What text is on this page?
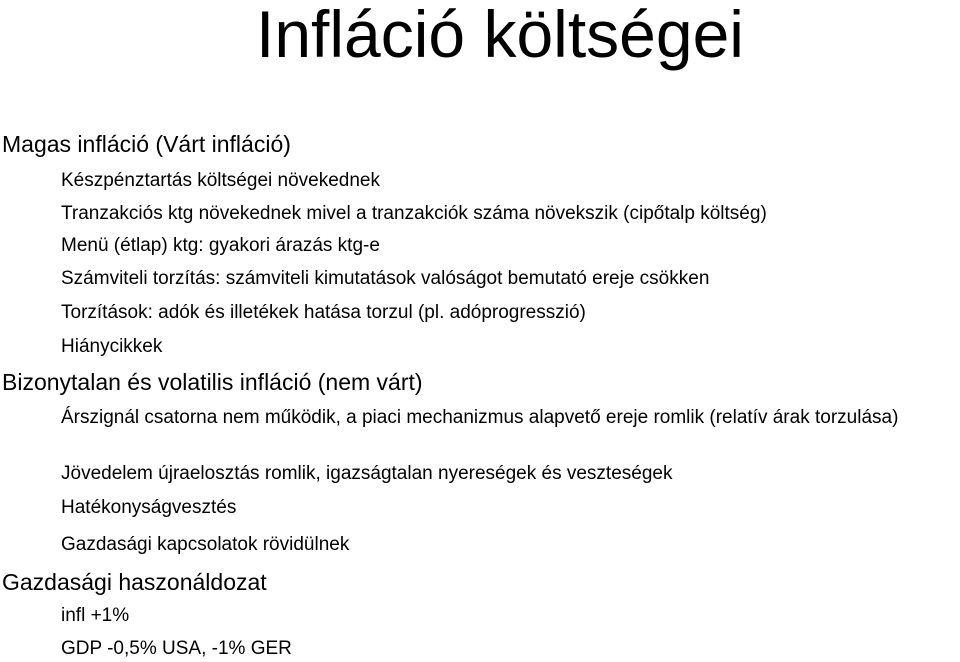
Infláció költségei

Magas infláció (Várt infláció)

Készpénztartás költségei növekednek

Tranzakciós ktg növekednek mivel a tranzakciók száma növekszik (cipőtalp költség)

Menü (étlap) ktg: gyakori árazás ktg-e

Számviteli torzítás: számviteli kimutatások valóságot bemutató ereje csökken

Torzítások: adók és illetékek hatása torzul (pl. adóprogresszió)

Hiánycikkek

Bizonytalan és volatilis infláció (nem várt)

Árszignál csatorna nem működik, a piaci mechanizmus alapvető ereje romlik (relatív árak torzulása)

Jövedelem újraelosztás romlik, igazságtalan nyereségek és veszteségek

Hatékonyságvesztés

Gazdasági kapcsolatok rövidülnek

Gazdasági haszonáldozat

infl +1%

GDP -0,5% USA, -1% GER
